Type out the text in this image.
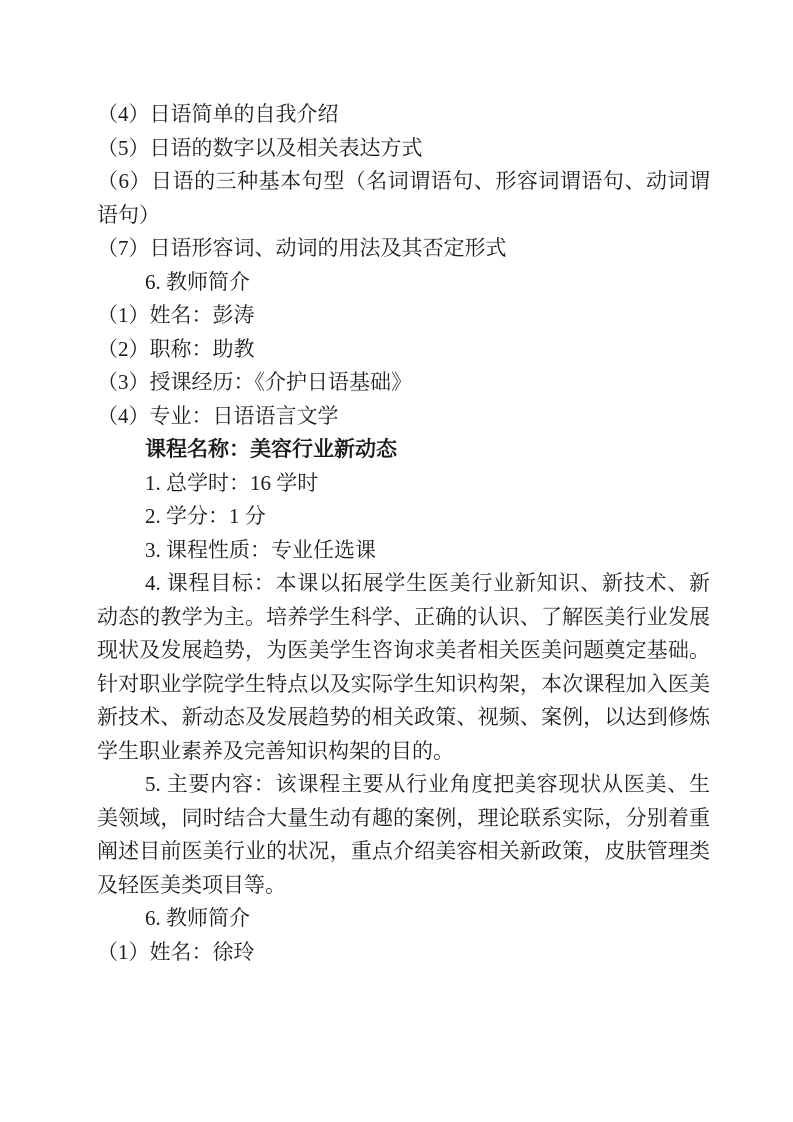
（4）日语简单的自我介绍

（5）日语的数字以及相关表达方式

（6）日语的三种基本句型（名词谓语句、形容词谓语句、动词谓语句）

（7）日语形容词、动词的用法及其否定形式

6. 教师简介

（1）姓名：彭涛

（2）职称：助教

（3）授课经历：《介护日语基础》

（4）专业：日语语言文学

课程名称：美容行业新动态

1. 总学时：16 学时

2. 学分：1 分

3. 课程性质：专业任选课

4. 课程目标：本课以拓展学生医美行业新知识、新技术、新动态的教学为主。培养学生科学、正确的认识、了解医美行业发展现状及发展趋势，为医美学生咨询求美者相关医美问题奠定基础。针对职业学院学生特点以及实际学生知识构架，本次课程加入医美新技术、新动态及发展趋势的相关政策、视频、案例，以达到修炼学生职业素养及完善知识构架的目的。

5. 主要内容：该课程主要从行业角度把美容现状从医美、生美领域，同时结合大量生动有趣的案例，理论联系实际，分别着重阐述目前医美行业的状况，重点介绍美容相关新政策，皮肤管理类及轻医美类项目等。

6. 教师简介

（1）姓名：徐玲
